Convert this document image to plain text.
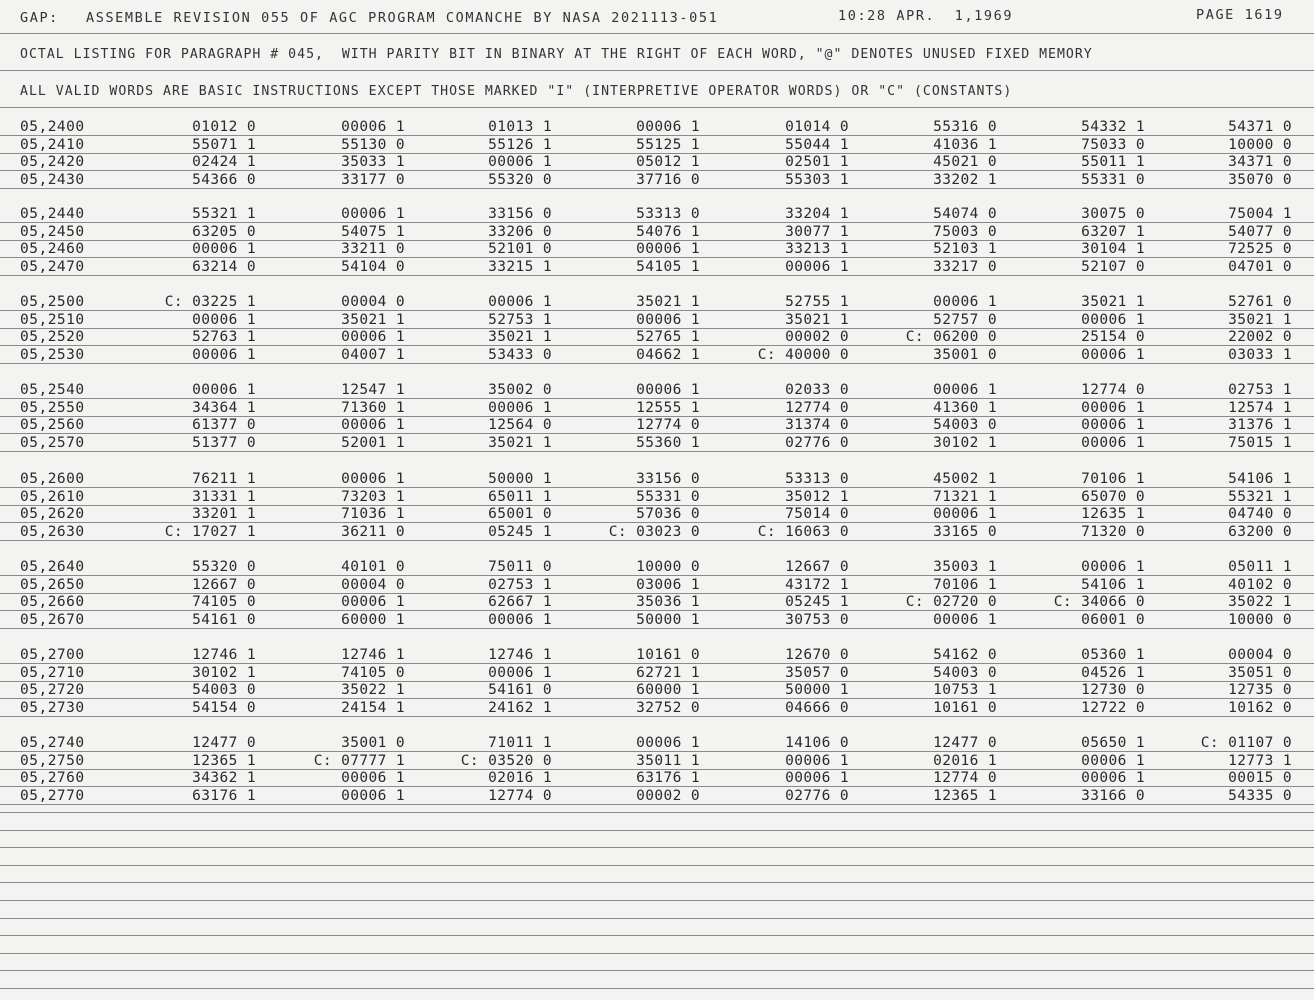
GAP: ASSEMBLE REVISION 055 OF AGC PROGRAM COMANCHE BY NASA 2021113-051	10:28 APR.  1,1969	PAGE 1619
OCTAL LISTING FOR PARAGRAPH # 045,  WITH PARITY BIT IN BINARY AT THE RIGHT OF EACH WORD, "@" DENOTES UNUSED FIXED MEMORY
ALL VALID WORDS ARE BASIC INSTRUCTIONS EXCEPT THOSE MARKED "I" (INTERPRETIVE OPERATOR WORDS) OR "C" (CONSTANTS)
05,2400	01012 0	00006 1	01013 1	00006 1	01014 0	55316 0	54332 1	54371 0
05,2410	55071 1	55130 0	55126 1	55125 1	55044 1	41036 1	75033 0	10000 0
05,2420	02424 1	35033 1	00006 1	05012 1	02501 1	45021 0	55011 1	34371 0
05,2430	54366 0	33177 0	55320 0	37716 0	55303 1	33202 1	55331 0	35070 0
05,2440	55321 1	00006 1	33156 0	53313 0	33204 1	54074 0	30075 0	75004 1
05,2450	63205 0	54075 1	33206 0	54076 1	30077 1	75003 0	63207 1	54077 0
05,2460	00006 1	33211 0	52101 0	00006 1	33213 1	52103 1	30104 1	72525 0
05,2470	63214 0	54104 0	33215 1	54105 1	00006 1	33217 0	52107 0	04701 0
05,2500	C: 03225 1	00004 0	00006 1	35021 1	52755 1	00006 1	35021 1	52761 0
05,2510	00006 1	35021 1	52753 1	00006 1	35021 1	52757 0	00006 1	35021 1
05,2520	52763 1	00006 1	35021 1	52765 1	00002 0	C: 06200 0	25154 0	22002 0
05,2530	00006 1	04007 1	53433 0	04662 1	C: 40000 0	35001 0	00006 1	03033 1
05,2540	00006 1	12547 1	35002 0	00006 1	02033 0	00006 1	12774 0	02753 1
05,2550	34364 1	71360 1	00006 1	12555 1	12774 0	41360 1	00006 1	12574 1
05,2560	61377 0	00006 1	12564 0	12774 0	31374 0	54003 0	00006 1	31376 1
05,2570	51377 0	52001 1	35021 1	55360 1	02776 0	30102 1	00006 1	75015 1
05,2600	76211 1	00006 1	50000 1	33156 0	53313 0	45002 1	70106 1	54106 1
05,2610	31331 1	73203 1	65011 1	55331 0	35012 1	71321 1	65070 0	55321 1
05,2620	33201 1	71036 1	65001 0	57036 0	75014 0	00006 1	12635 1	04740 0
05,2630	C: 17027 1	36211 0	05245 1	C: 03023 0	C: 16063 0	33165 0	71320 0	63200 0
05,2640	55320 0	40101 0	75011 0	10000 0	12667 0	35003 1	00006 1	05011 1
05,2650	12667 0	00004 0	02753 1	03006 1	43172 1	70106 1	54106 1	40102 0
05,2660	74105 0	00006 1	62667 1	35036 1	05245 1	C: 02720 0	C: 34066 0	35022 1
05,2670	54161 0	60000 1	00006 1	50000 1	30753 0	00006 1	06001 0	10000 0
05,2700	12746 1	12746 1	12746 1	10161 0	12670 0	54162 0	05360 1	00004 0
05,2710	30102 1	74105 0	00006 1	62721 1	35057 0	54003 0	04526 1	35051 0
05,2720	54003 0	35022 1	54161 0	60000 1	50000 1	10753 1	12730 0	12735 0
05,2730	54154 0	24154 1	24162 1	32752 0	04666 0	10161 0	12722 0	10162 0
05,2740	12477 0	35001 0	71011 1	00006 1	14106 0	12477 0	05650 1	C: 01107 0
05,2750	12365 1	C: 07777 1	C: 03520 0	35011 1	00006 1	02016 1	00006 1	12773 1
05,2760	34362 1	00006 1	02016 1	63176 1	00006 1	12774 0	00006 1	00015 0
05,2770	63176 1	00006 1	12774 0	00002 0	02776 0	12365 1	33166 0	54335 0
